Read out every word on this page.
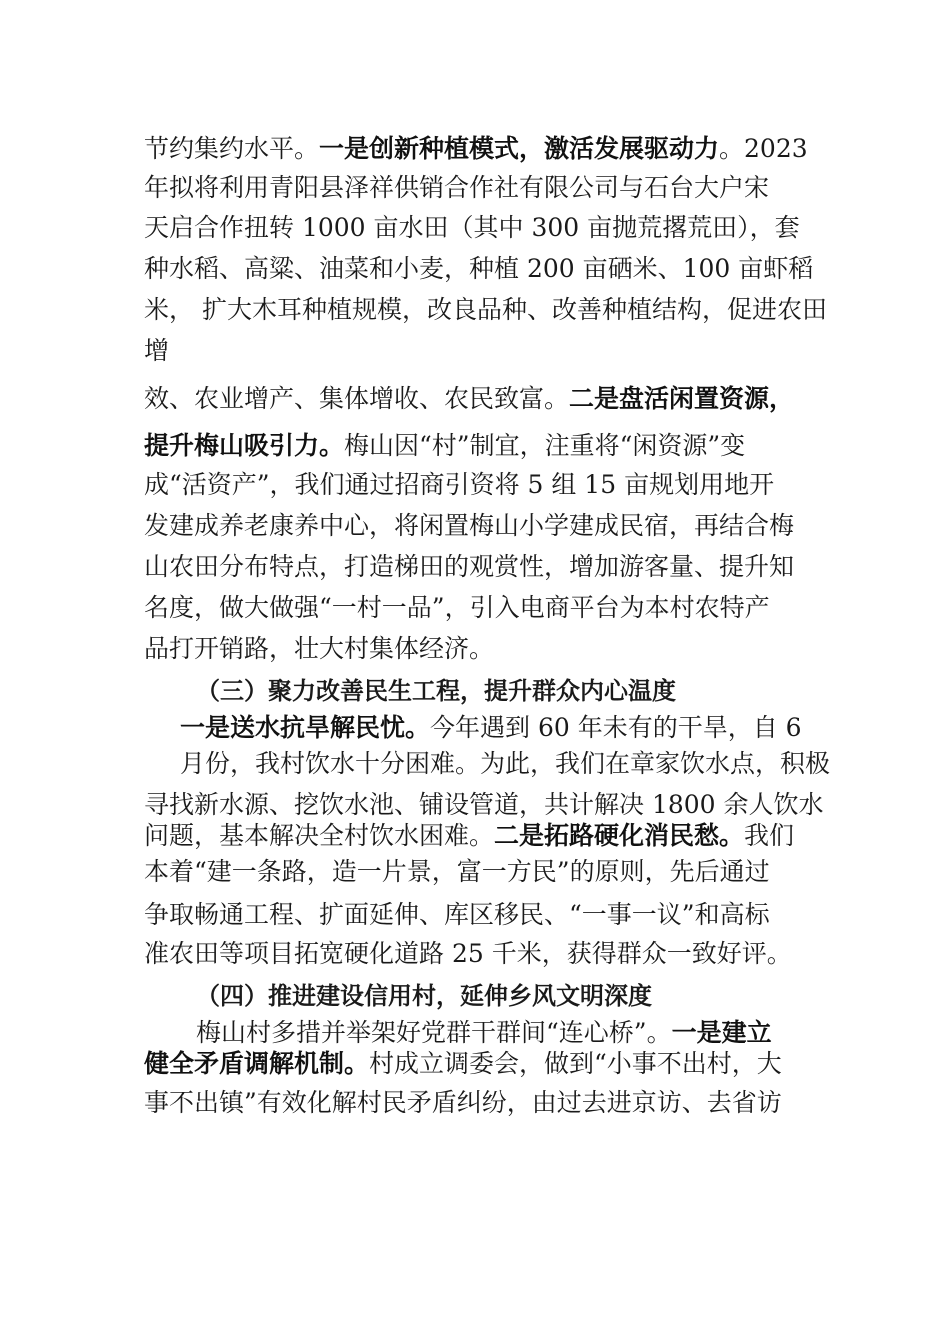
节约集约水平。一是创新种植模式，激活发展驱动力。2023
年拟将利用青阳县泽祥供销合作社有限公司与石台大户宋
天启合作扭转 1000 亩水田（其中 300 亩抛荒撂荒田），套
种水稻、高粱、油菜和小麦，种植 200 亩硒米、100 亩虾稻
米， 扩大木耳种植规模，改良品种、改善种植结构，促进农田
增
效、农业增产、集体增收、农民致富。二是盘活闲置资源，
提升梅山吸引力。梅山因“村”制宜，注重将“闲资源”变
成“活资产”，我们通过招商引资将 5 组 15 亩规划用地开
发建成养老康养中心，将闲置梅山小学建成民宿，再结合梅
山农田分布特点，打造梯田的观赏性，增加游客量、提升知
名度，做大做强“一村一品”，引入电商平台为本村农特产
品打开销路，壮大村集体经济。
（三）聚力改善民生工程，提升群众内心温度
一是送水抗旱解民忧。今年遇到 60 年未有的干旱，自 6
月份，我村饮水十分困难。为此，我们在章家饮水点，积极
寻找新水源、挖饮水池、铺设管道，共计解决 1800 余人饮水
问题，基本解决全村饮水困难。二是拓路硬化消民愁。我们
本着“建一条路，造一片景，富一方民”的原则，先后通过
争取畅通工程、扩面延伸、库区移民、“一事一议”和高标
准农田等项目拓宽硬化道路 25 千米，获得群众一致好评。
（四）推进建设信用村，延伸乡风文明深度
梅山村多措并举架好党群干群间“连心桥”。一是建立
健全矛盾调解机制。村成立调委会，做到“小事不出村，大
事不出镇”有效化解村民矛盾纠纷，由过去进京访、去省访
